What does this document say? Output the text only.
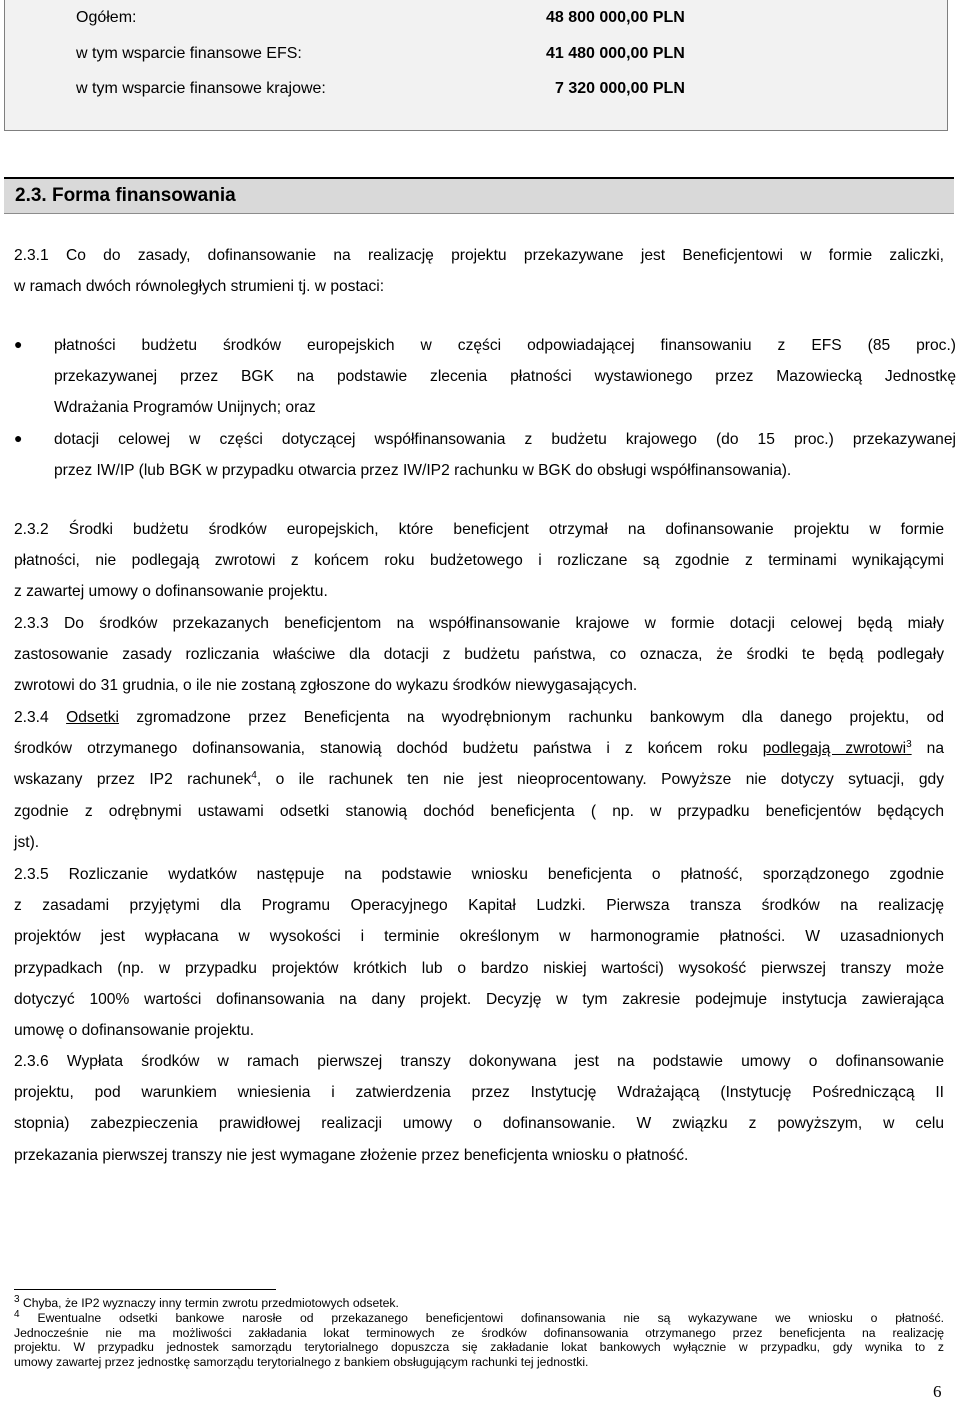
Ogółem:	48 800 000,00 PLN
w tym wsparcie finansowe EFS:	41 480 000,00 PLN
w tym wsparcie finansowe krajowe:	7 320 000,00 PLN
2.3. Forma finansowania
2.3.1 Co do zasady, dofinansowanie na realizację projektu przekazywane jest Beneficjentowi w formie zaliczki,
w ramach dwóch równoległych strumieni tj. w postaci:
● płatności budżetu środków europejskich w części odpowiadającej finansowaniu z EFS (85 proc.)
przekazywanej przez BGK na podstawie zlecenia płatności wystawionego przez Mazowiecką Jednostkę
Wdrażania Programów Unijnych; oraz
● dotacji celowej w części dotyczącej współfinansowania z budżetu krajowego (do 15 proc.) przekazywanej
przez IW/IP (lub BGK w przypadku otwarcia przez IW/IP2 rachunku w BGK do obsługi współfinansowania).
2.3.2 Środki budżetu środków europejskich, które beneficjent otrzymał na dofinansowanie projektu w formie
płatności, nie podlegają zwrotowi z końcem roku budżetowego i rozliczane są zgodnie z terminami wynikającymi
z zawartej umowy o dofinansowanie projektu.
2.3.3 Do środków przekazanych beneficjentom na współfinansowanie krajowe w formie dotacji celowej będą miały
zastosowanie zasady rozliczania właściwe dla dotacji z budżetu państwa, co oznacza, że środki te będą podlegały
zwrotowi do 31 grudnia, o ile nie zostaną zgłoszone do wykazu środków niewygasających.
2.3.4 Odsetki zgromadzone przez Beneficjenta na wyodrębnionym rachunku bankowym dla danego projektu, od
środków otrzymanego dofinansowania, stanowią dochód budżetu państwa i z końcem roku podlegają zwrotowi$^3$ na
wskazany przez IP2 rachunek$^4$, o ile rachunek ten nie jest nieoprocentowany. Powyższe nie dotyczy sytuacji, gdy
zgodnie z odrębnymi ustawami odsetki stanowią dochód beneficjenta ( np. w przypadku beneficjentów będących
jst).
2.3.5 Rozliczanie wydatków następuje na podstawie wniosku beneficjenta o płatność, sporządzonego zgodnie
z zasadami przyjętymi dla Programu Operacyjnego Kapitał Ludzki. Pierwsza transza środków na realizację
projektów jest wypłacana w wysokości i terminie określonym w harmonogramie płatności. W uzasadnionych
przypadkach (np. w przypadku projektów krótkich lub o bardzo niskiej wartości) wysokość pierwszej transzy może
dotyczyć 100% wartości dofinansowania na dany projekt. Decyzję w tym zakresie podejmuje instytucja zawierająca
umowę o dofinansowanie projektu.
2.3.6 Wypłata środków w ramach pierwszej transzy dokonywana jest na podstawie umowy o dofinansowanie
projektu, pod warunkiem wniesienia i zatwierdzenia przez Instytucję Wdrażającą (Instytucję Pośredniczącą II
stopnia) zabezpieczenia prawidłowej realizacji umowy o dofinansowanie. W związku z powyższym, w celu
przekazania pierwszej transzy nie jest wymagane złożenie przez beneficjenta wniosku o płatność.
$^3$ Chyba, że IP2 wyznaczy inny termin zwrotu przedmiotowych odsetek.
$^4$ Ewentualne odsetki bankowe narosłe od przekazanego beneficjentowi dofinansowania nie są wykazywane we wniosku o płatność.
Jednocześnie nie ma możliwości zakładania lokat terminowych ze środków dofinansowania otrzymanego przez beneficjenta na realizację
projektu. W przypadku jednostek samorządu terytorialnego dopuszcza się zakładanie lokat bankowych wyłącznie w przypadku, gdy wynika to z
umowy zawartej przez jednostkę samorządu terytorialnego z bankiem obsługującym rachunki tej jednostki.
6
